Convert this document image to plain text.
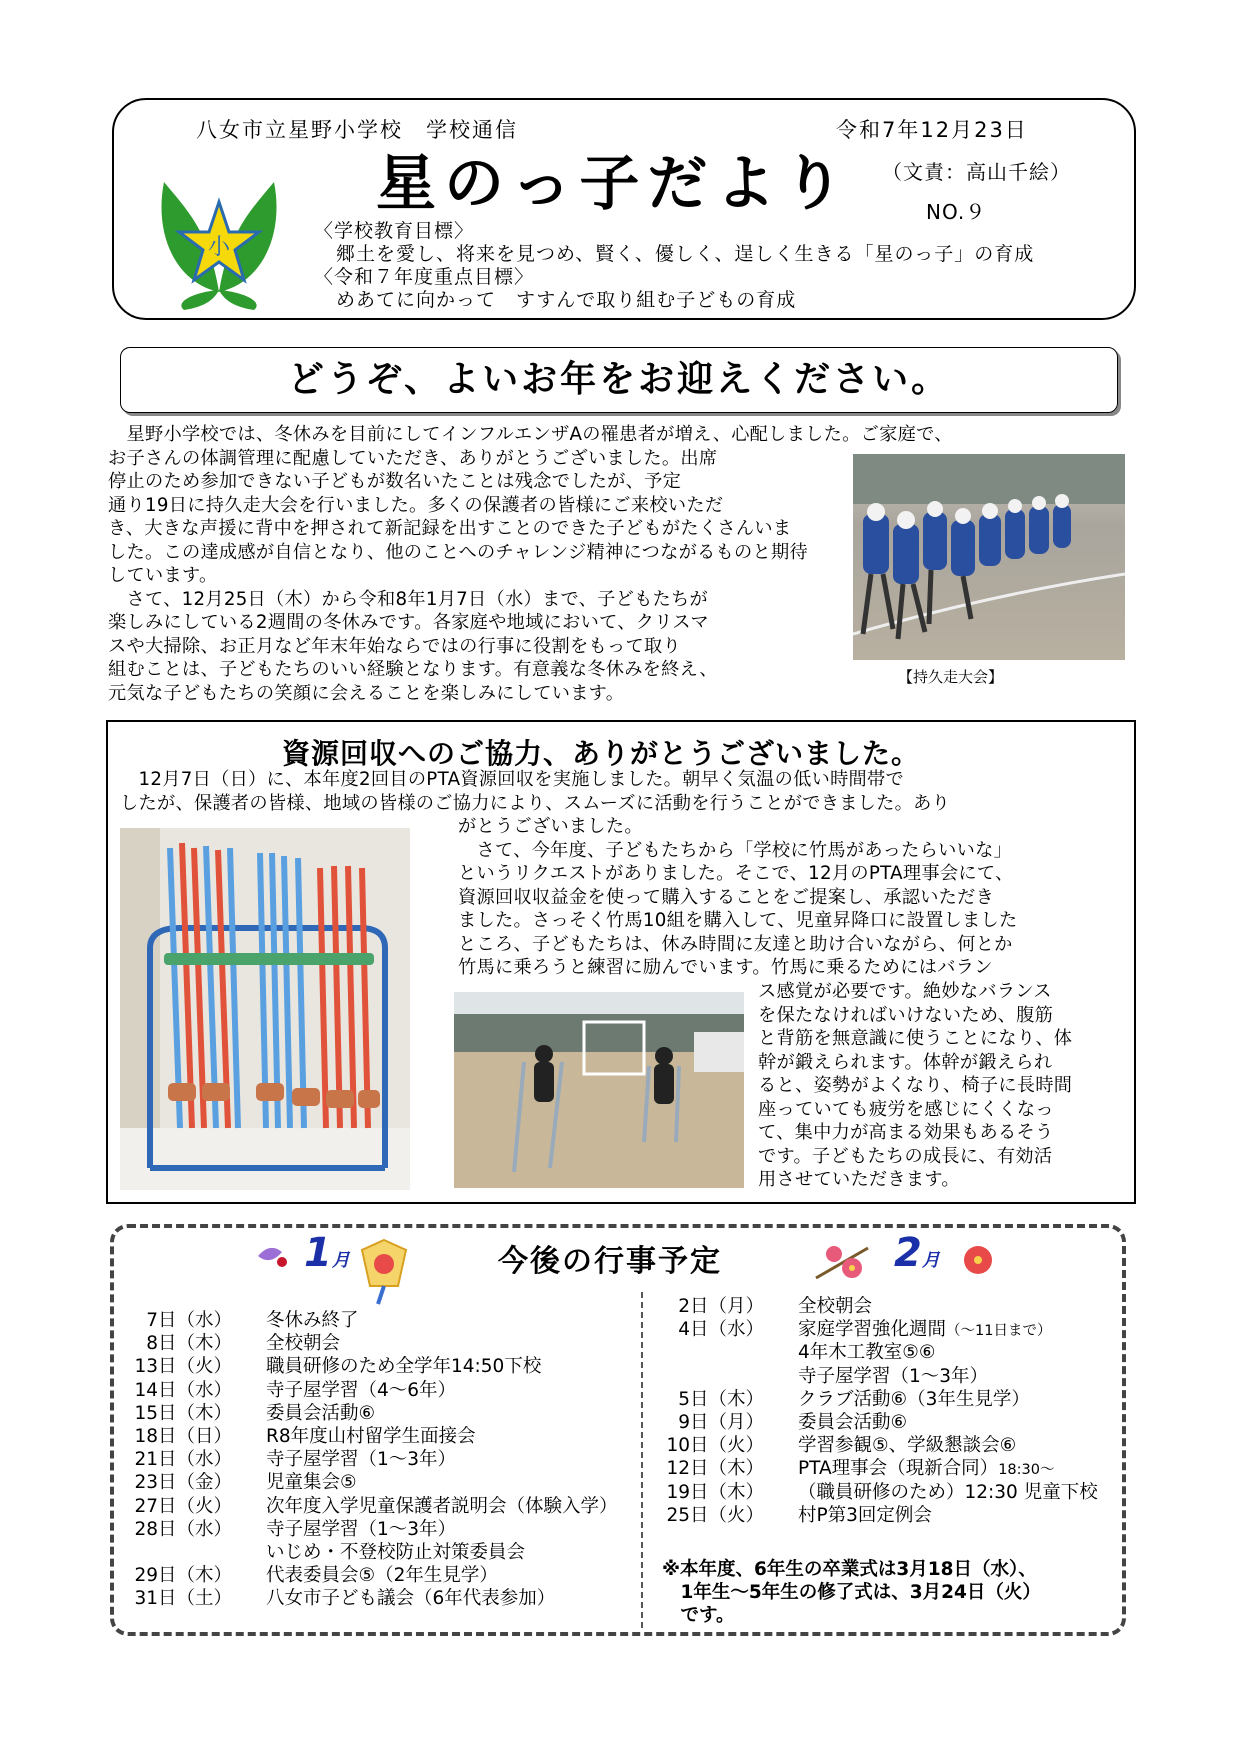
八女市立星野小学校　学校通信	令和7年12月23日
星のっ子だより （文責：高山千絵）
NO.９
小
〈学校教育目標〉
郷土を愛し、将来を見つめ、賢く、優しく、逞しく生きる「星のっ子」の育成
〈令和７年度重点目標〉
めあてに向かって　すすんで取り組む子どもの育成
どうぞ、よいお年をお迎えください。
　星野小学校では、冬休みを目前にしてインフルエンザAの罹患者が増え、心配しました。ご家庭で、
お子さんの体調管理に配慮していただき、ありがとうございました。出席
停止のため参加できない子どもが数名いたことは残念でしたが、予定
通り19日に持久走大会を行いました。多くの保護者の皆様にご来校いただ
き、大きな声援に背中を押されて新記録を出すことのできた子どもがたくさんいま
した。この達成感が自信となり、他のことへのチャレンジ精神につながるものと期待
しています。
　さて、12月25日（木）から令和8年1月7日（水）まで、子どもたちが
楽しみにしている2週間の冬休みです。各家庭や地域において、クリスマ
スや大掃除、お正月など年末年始ならではの行事に役割をもって取り
組むことは、子どもたちのいい経験となります。有意義な冬休みを終え、
元気な子どもたちの笑顔に会えることを楽しみにしています。
【持久走大会】
資源回収へのご協力、ありがとうございました。
　12月7日（日）に、本年度2回目のPTA資源回収を実施しました。朝早く気温の低い時間帯で
したが、保護者の皆様、地域の皆様のご協力により、スムーズに活動を行うことができました。あり
がとうございました。
　さて、今年度、子どもたちから「学校に竹馬があったらいいな」
というリクエストがありました。そこで、12月のPTA理事会にて、
資源回収収益金を使って購入することをご提案し、承認いただき
ました。さっそく竹馬10組を購入して、児童昇降口に設置しました
ところ、子どもたちは、休み時間に友達と助け合いながら、何とか
竹馬に乗ろうと練習に励んでいます。竹馬に乗るためにはバラン
ス感覚が必要です。絶妙なバランス
を保たなければいけないため、腹筋
と背筋を無意識に使うことになり、体
幹が鍛えられます。体幹が鍛えられ
ると、姿勢がよくなり、椅子に長時間
座っていても疲労を感じにくくなっ
て、集中力が高まる効果もあるそう
です。子どもたちの成長に、有効活
用させていただきます。
1月	今後の行事予定	2月
7日（水） 冬休み終了
8日（木） 全校朝会
13日（火） 職員研修のため全学年14:50下校
14日（水） 寺子屋学習（4～6年）
15日（木） 委員会活動⑥
18日（日） R8年度山村留学生面接会
21日（水） 寺子屋学習（1～3年）
23日（金） 児童集会⑤
27日（火） 次年度入学児童保護者説明会（体験入学）
28日（水） 寺子屋学習（1～3年）
いじめ・不登校防止対策委員会
29日（木） 代表委員会⑤（2年生見学）
31日（土） 八女市子ども議会（6年代表参加）
2日（月） 全校朝会
4日（水） 家庭学習強化週間（～11日まで）
4年木工教室⑤⑥
寺子屋学習（1～3年）
5日（木） クラブ活動⑥（3年生見学）
9日（月） 委員会活動⑥
10日（火） 学習参観⑤、学級懇談会⑥
12日（木） PTA理事会（現新合同）18:30～
19日（木） （職員研修のため）12:30 児童下校
25日（火） 村P第3回定例会
※本年度、6年生の卒業式は3月18日（水）、
　1年生～5年生の修了式は、3月24日（火）
　です。
